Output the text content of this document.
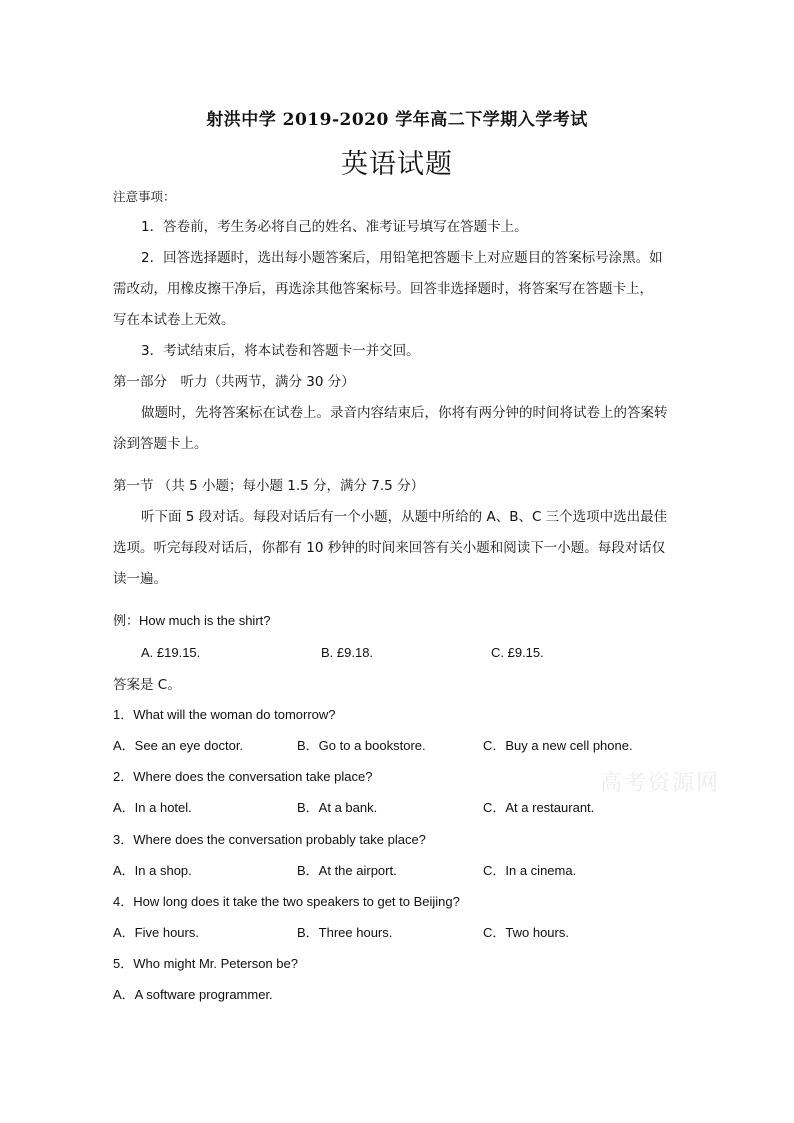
射洪中学 2019-2020 学年高二下学期入学考试
英语试题
注意事项：
1．答卷前，考生务必将自己的姓名、准考证号填写在答题卡上。
2．回答选择题时，选出每小题答案后，用铅笔把答题卡上对应题目的答案标号涂黑。如
需改动，用橡皮擦干净后，再选涂其他答案标号。回答非选择题时，将答案写在答题卡上，
写在本试卷上无效。
3．考试结束后，将本试卷和答题卡一并交回。
第一部分　听力（共两节，满分 30 分）
做题时，先将答案标在试卷上。录音内容结束后，你将有两分钟的时间将试卷上的答案转
涂到答题卡上。
第一节 （共 5 小题；每小题 1.5 分，满分 7.5 分）
听下面 5 段对话。每段对话后有一个小题，从题中所给的 A、B、C 三个选项中选出最佳
选项。听完每段对话后，你都有 10 秒钟的时间来回答有关小题和阅读下一小题。每段对话仅
读一遍。
例：How much is the shirt?
A. £19.15.	B. £9.18.	C. £9.15.
答案是 C。
1．What will the woman do tomorrow?
A．See an eye doctor.	B．Go to a bookstore.	C．Buy a new cell phone.
2．Where does the conversation take place?
A．In a hotel.	B．At a bank.	C．At a restaurant.
3．Where does the conversation probably take place?
A．In a shop.	B．At the airport.	C．In a cinema.
4．How long does it take the two speakers to get to Beijing?
A．Five hours.	B．Three hours.	C．Two hours.
5．Who might Mr. Peterson be?
A．A software programmer.
高考资源网
